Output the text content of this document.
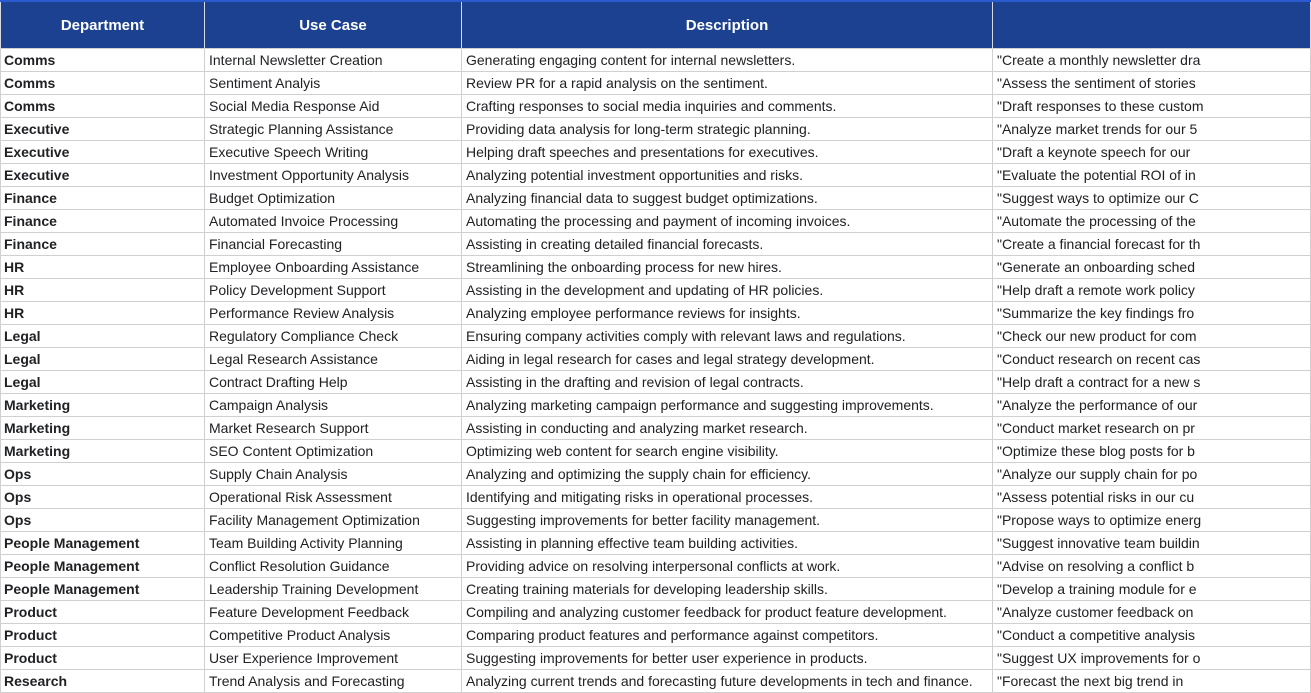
Department	Use Case	Description	
Comms	Internal Newsletter Creation	Generating engaging content for internal newsletters.	"Create a monthly newsletter dra
Comms	Sentiment Analyis	Review PR for a rapid analysis on the sentiment.	"Assess the sentiment of stories
Comms	Social Media Response Aid	Crafting responses to social media inquiries and comments.	"Draft responses to these custom
Executive	Strategic Planning Assistance	Providing data analysis for long-term strategic planning.	"Analyze market trends for our 5
Executive	Executive Speech Writing	Helping draft speeches and presentations for executives.	"Draft a keynote speech for our
Executive	Investment Opportunity Analysis	Analyzing potential investment opportunities and risks.	"Evaluate the potential ROI of in
Finance	Budget Optimization	Analyzing financial data to suggest budget optimizations.	"Suggest ways to optimize our C
Finance	Automated Invoice Processing	Automating the processing and payment of incoming invoices.	"Automate the processing of the
Finance	Financial Forecasting	Assisting in creating detailed financial forecasts.	"Create a financial forecast for th
HR	Employee Onboarding Assistance	Streamlining the onboarding process for new hires.	"Generate an onboarding sched
HR	Policy Development Support	Assisting in the development and updating of HR policies.	"Help draft a remote work policy
HR	Performance Review Analysis	Analyzing employee performance reviews for insights.	"Summarize the key findings fro
Legal	Regulatory Compliance Check	Ensuring company activities comply with relevant laws and regulations.	"Check our new product for com
Legal	Legal Research Assistance	Aiding in legal research for cases and legal strategy development.	"Conduct research on recent cas
Legal	Contract Drafting Help	Assisting in the drafting and revision of legal contracts.	"Help draft a contract for a new s
Marketing	Campaign Analysis	Analyzing marketing campaign performance and suggesting improvements.	"Analyze the performance of our
Marketing	Market Research Support	Assisting in conducting and analyzing market research.	"Conduct market research on pr
Marketing	SEO Content Optimization	Optimizing web content for search engine visibility.	"Optimize these blog posts for b
Ops	Supply Chain Analysis	Analyzing and optimizing the supply chain for efficiency.	"Analyze our supply chain for po
Ops	Operational Risk Assessment	Identifying and mitigating risks in operational processes.	"Assess potential risks in our cu
Ops	Facility Management Optimization	Suggesting improvements for better facility management.	"Propose ways to optimize energ
People Management	Team Building Activity Planning	Assisting in planning effective team building activities.	"Suggest innovative team buildin
People Management	Conflict Resolution Guidance	Providing advice on resolving interpersonal conflicts at work.	"Advise on resolving a conflict b
People Management	Leadership Training Development	Creating training materials for developing leadership skills.	"Develop a training module for e
Product	Feature Development Feedback	Compiling and analyzing customer feedback for product feature development.	"Analyze customer feedback on
Product	Competitive Product Analysis	Comparing product features and performance against competitors.	"Conduct a competitive analysis
Product	User Experience Improvement	Suggesting improvements for better user experience in products.	"Suggest UX improvements for o
Research	Trend Analysis and Forecasting	Analyzing current trends and forecasting future developments in tech and finance.	"Forecast the next big trend in
